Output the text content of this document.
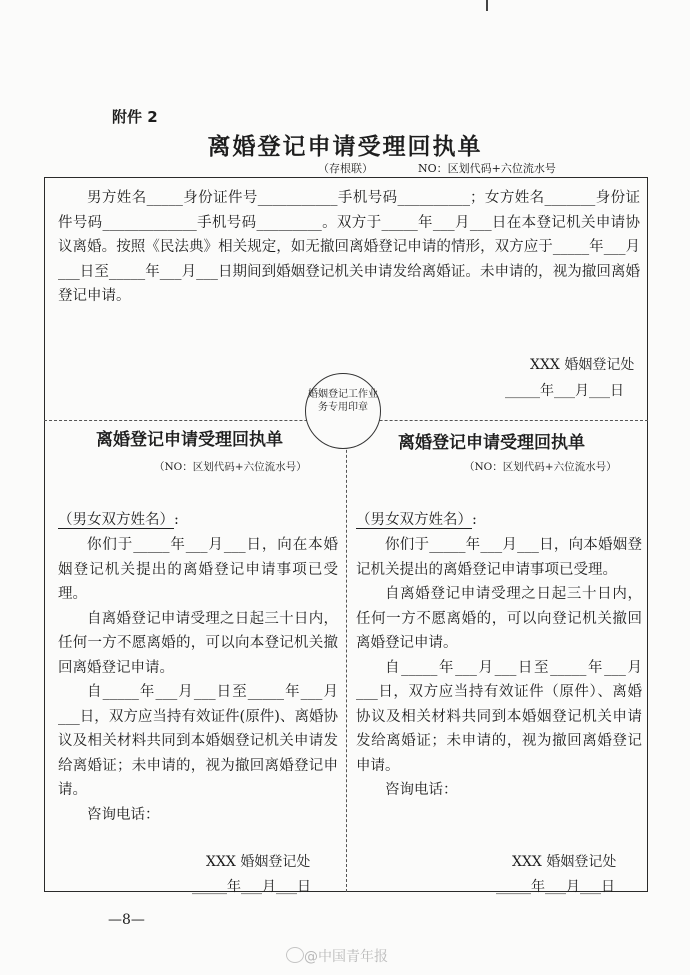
附件 2
离婚登记申请受理回执单
（存根联）	NO：区划代码+六位流水号
男方姓名_____身份证件号___________手机号码__________；女方姓名_______身份证件号码_____________手机号码_________。双方于_____年___月___日在本登记机关申请协议离婚。按照《民法典》相关规定，如无撤回离婚登记申请的情形，双方应于_____年___月___日至_____年___月___日期间到婚姻登记机关申请发给离婚证。未申请的，视为撤回离婚登记申请。
XXX 婚姻登记处
_____年___月___日
婚姻登记工作业务专用印章
离婚登记申请受理回执单
（NO：区划代码+六位流水号）
（男女双方姓名）:
你们于_____年___月___日，向在本婚姻登记机关提出的离婚登记申请事项已受理。
自离婚登记申请受理之日起三十日内，任何一方不愿离婚的，可以向本登记机关撤回离婚登记申请。
自_____年___月___日至_____年___月___日，双方应当持有效证件(原件)、离婚协议及相关材料共同到本婚姻登记机关申请发给离婚证；未申请的，视为撤回离婚登记申请。
咨询电话：
XXX 婚姻登记处
_____年___月___日
离婚登记申请受理回执单
（NO：区划代码+六位流水号）
（男女双方姓名）:
你们于_____年___月___日，向本婚姻登记机关提出的离婚登记申请事项已受理。
自离婚登记申请受理之日起三十日内，任何一方不愿离婚的，可以向登记机关撤回离婚登记申请。
自_____年___月___日至_____年___月___日，双方应当持有效证件（原件）、离婚协议及相关材料共同到本婚姻登记机关申请发给离婚证；未申请的，视为撤回离婚登记申请。
咨询电话：
XXX 婚姻登记处
_____年___月___日
—8—
@中国青年报
